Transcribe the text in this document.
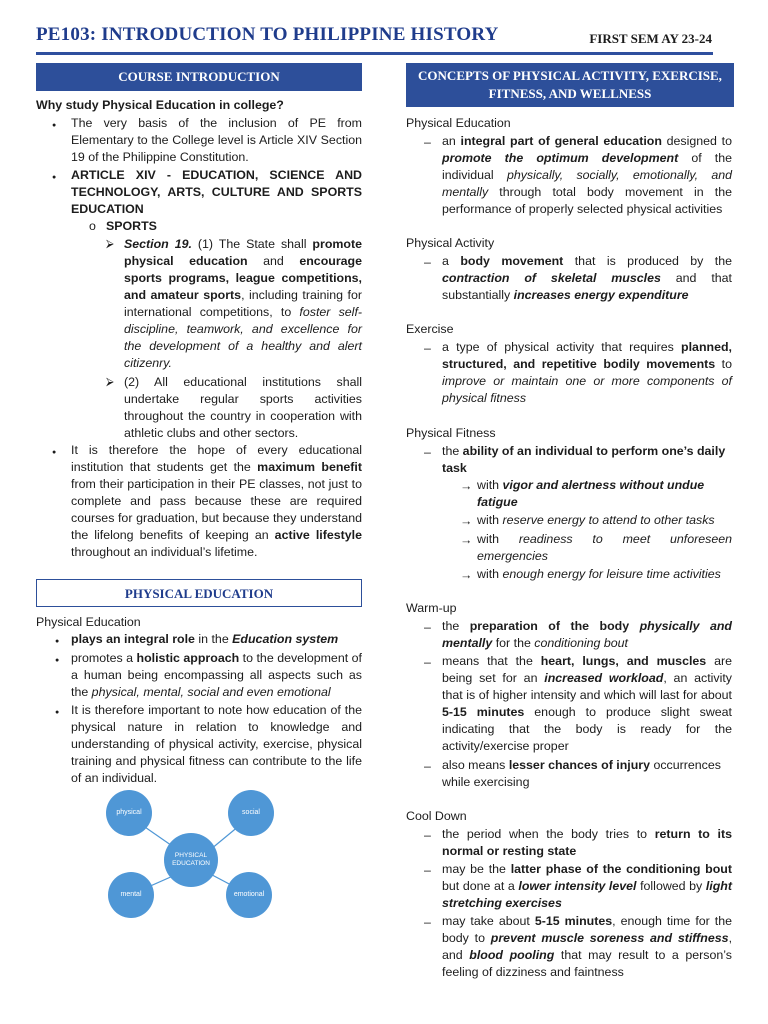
PE103: INTRODUCTION TO PHILIPPINE HISTORY	FIRST SEM AY 23-24
COURSE INTRODUCTION
Why study Physical Education in college?
●
The very basis of the inclusion of PE from Elementary to the College level is Article XIV Section 19 of the Philippine Constitution.
●
ARTICLE XIV - EDUCATION, SCIENCE AND TECHNOLOGY, ARTS, CULTURE AND SPORTS EDUCATION
o SPORTS
⮚ Section 19. (1) The State shall promote physical education and encourage sports programs, league competitions, and amateur sports, including training for international competitions, to foster self-discipline, teamwork, and excellence for the development of a healthy and alert citizenry.
⮚ (2) All educational institutions shall undertake regular sports activities throughout the country in cooperation with athletic clubs and other sectors.
●
It is therefore the hope of every educational institution that students get the maximum benefit from their participation in their PE classes, not just to complete and pass because these are required courses for graduation, but because they understand the lifelong benefits of keeping an active lifestyle throughout an individual’s lifetime.
PHYSICAL EDUCATION
Physical Education
●
plays an integral role in the Education system
●
promotes a holistic approach to the development of a human being encompassing all aspects such as the physical, mental, social and even emotional
●
It is therefore important to note how education of the physical nature in relation to knowledge and understanding of physical activity, exercise, physical training and physical fitness can contribute to the life of an individual.
physical	social
PHYSICAL EDUCATION
mental	emotional
CONCEPTS OF PHYSICAL ACTIVITY, EXERCISE, FITNESS, AND WELLNESS
Physical Education
– an integral part of general education designed to promote the optimum development of the individual physically, socially, emotionally, and mentally through total body movement in the performance of properly selected physical activities
Physical Activity
– a body movement that is produced by the contraction of skeletal muscles and that substantially increases energy expenditure
Exercise
– a type of physical activity that requires planned, structured, and repetitive bodily movements to improve or maintain one or more components of physical fitness
Physical Fitness
– the ability of an individual to perform one’s daily task
→ with vigor and alertness without undue fatigue
→ with reserve energy to attend to other tasks
→ with readiness to meet unforeseen emergencies
→ with enough energy for leisure time activities
Warm-up
– the preparation of the body physically and mentally for the conditioning bout
– means that the heart, lungs, and muscles are being set for an increased workload, an activity that is of higher intensity and which will last for about 5-15 minutes enough to produce slight sweat indicating that the body is ready for the activity/exercise proper
– also means lesser chances of injury occurrences while exercising
Cool Down
– the period when the body tries to return to its normal or resting state
– may be the latter phase of the conditioning bout but done at a lower intensity level followed by light stretching exercises
– may take about 5-15 minutes, enough time for the body to prevent muscle soreness and stiffness, and blood pooling that may result to a person’s feeling of dizziness and faintness
